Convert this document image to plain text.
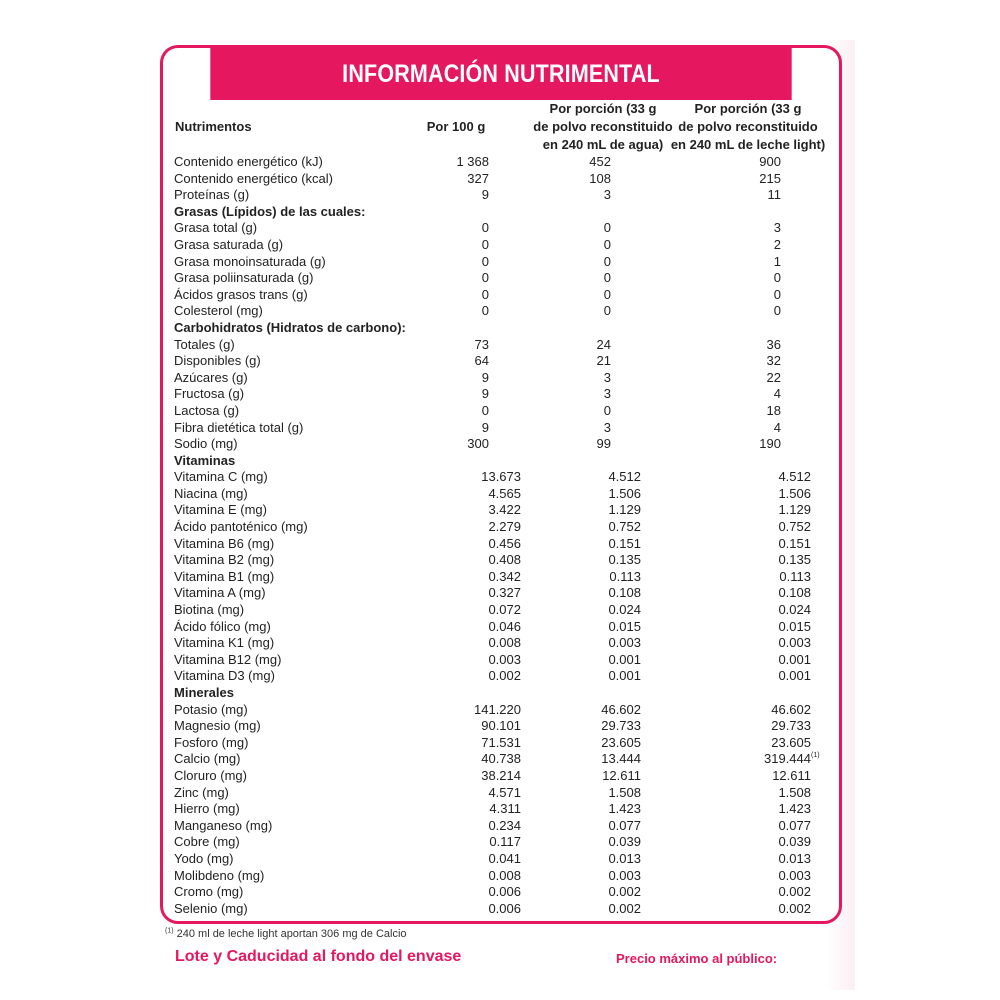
INFORMACIÓN NUTRIMENTAL
Nutrimentos	Por 100 g
Por porción (33 g
de polvo reconstituido
en 240 mL de agua)
Por porción (33 g
de polvo reconstituido
en 240 mL de leche light)
Contenido energético (kJ)	1 368	452	900
Contenido energético (kcal)	327	108	215
Proteínas (g)	9	3	11
Grasas (Lípidos) de las cuales:
Grasa total (g)	0	0	3
Grasa saturada (g)	0	0	2
Grasa monoinsaturada (g)	0	0	1
Grasa poliinsaturada (g)	0	0	0
Ácidos grasos trans (g)	0	0	0
Colesterol (mg)	0	0	0
Carbohidratos (Hidratos de carbono):
Totales (g)	73	24	36
Disponibles (g)	64	21	32
Azúcares (g)	9	3	22
Fructosa (g)	9	3	4
Lactosa (g)	0	0	18
Fibra dietética total (g)	9	3	4
Sodio (mg)	300	99	190
Vitaminas
Vitamina C (mg)	13.673	4.512	4.512
Niacina (mg)	4.565	1.506	1.506
Vitamina E (mg)	3.422	1.129	1.129
Ácido pantoténico (mg)	2.279	0.752	0.752
Vitamina B6 (mg)	0.456	0.151	0.151
Vitamina B2 (mg)	0.408	0.135	0.135
Vitamina B1 (mg)	0.342	0.113	0.113
Vitamina A (mg)	0.327	0.108	0.108
Biotina (mg)	0.072	0.024	0.024
Ácido fólico (mg)	0.046	0.015	0.015
Vitamina K1 (mg)	0.008	0.003	0.003
Vitamina B12 (mg)	0.003	0.001	0.001
Vitamina D3 (mg)	0.002	0.001	0.001
Minerales
Potasio (mg)	141.220	46.602	46.602
Magnesio (mg)	90.101	29.733	29.733
Fosforo (mg)	71.531	23.605	23.605
Calcio (mg)	40.738	13.444	319.444 (1)
Cloruro (mg)	38.214	12.611	12.611
Zinc (mg)	4.571	1.508	1.508
Hierro (mg)	4.311	1.423	1.423
Manganeso (mg)	0.234	0.077	0.077
Cobre (mg)	0.117	0.039	0.039
Yodo (mg)	0.041	0.013	0.013
Molibdeno (mg)	0.008	0.003	0.003
Cromo (mg)	0.006	0.002	0.002
Selenio (mg)	0.006	0.002	0.002
$^{(1)}$ 240 ml de leche light aportan 306 mg de Calcio
Lote y Caducidad al fondo del envase	Precio máximo al público:
